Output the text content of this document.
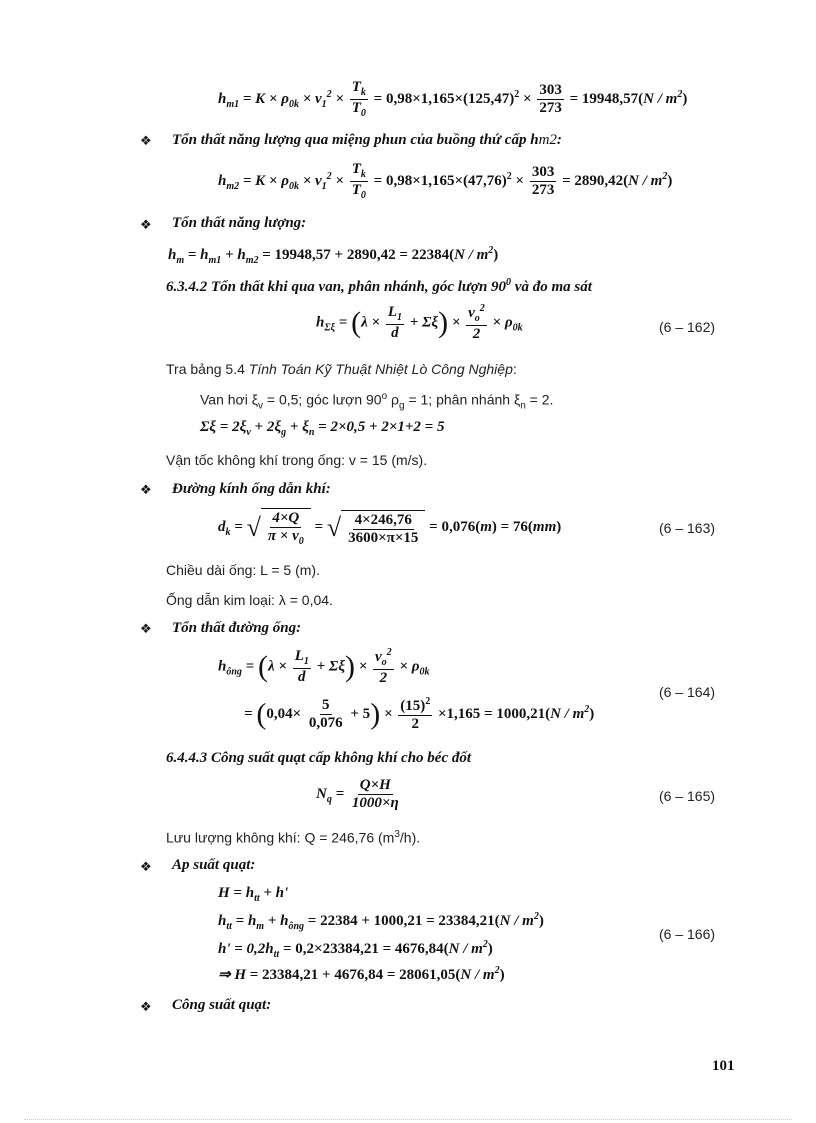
$h_{m1} = K \times \rho_{0k} \times v_1^2 \times \frac{T_k}{T_0} = 0,98\times 1,165\times(125,47)^2 \times \frac{303}{273} = 19948,57(N / m^2)$
❖ Tổn thất năng lượng qua miệng phun của buồng thứ cấp hm2:
$h_{m2} = K \times \rho_{0k} \times v_1^2 \times \frac{T_k}{T_0} = 0,98\times 1,165\times(47,76)^2 \times \frac{303}{273} = 2890,42(N / m^2)$
❖ Tổn thất năng lượng:
$h_m = h_{m1} + h_{m2} = 19948,57 + 2890,42 = 22384(N / m^2)$
6.3.4.2 Tổn thất khi qua van, phân nhánh, góc lượn $90^0$ và đo ma sát
$h_{\Sigma\xi} = (\lambda \times \frac{L_1}{d} + \Sigma\xi) \times \frac{v_o^2}{2} \times \rho_{0k}$	(6 – 162)
Tra bảng 5.4 Tính Toán Kỹ Thuật Nhiệt Lò Công Nghiệp:
Van hơi $\xi_v = 0,5$; góc lượn 90$^o$ $\rho_g = 1$; phân nhánh $\xi_n = 2$.
$\Sigma\xi = 2\xi_v + 2\xi_g + \xi_n = 2\times 0,5 + 2\times 1+2 = 5$
Vận tốc không khí trong ống: v = 15 (m/s).
❖ Đường kính ống dẫn khí:
$d_k$ = √ $\frac{4\times Q}{\pi \times v_0}$ = √ $\frac{4\times 246,76}{3600\times\pi\times 15} = 0,076(m) = 76(mm)$	(6 – 163)
Chiều dài ống: L = 5 (m).
Ống dẫn kim loại: λ = 0,04.
❖ Tổn thất đường ống:
$h_{ông} = (\lambda \times \frac{L_1}{d} + \Sigma\xi) \times \frac{v_o^2}{2} \times \rho_{0k}$
= $(0,04\times \frac{5}{0,076} + 5) \times \frac{(15)^2}{2} \times 1,165 = 1000,21(N / m^2)$
(6 – 164)
6.4.4.3 Công suất quạt cấp không khí cho béc đốt
$N_q = \frac{Q\times H}{1000\times\eta}$	(6 – 165)
Lưu lượng không khí: Q = 246,76 $(m^3/h)$.
❖ Ap suất quạt:
$H = h_{tt} + h'$
$h_{tt} = h_m + h_{ông} = 22384 + 1000,21 = 23384,21(N / m^2)$
$h' = 0,2h_{tt} = 0,2\times 23384,21 = 4676,84(N / m^2)$
⇒ $H = 23384,21 + 4676,84 = 28061,05(N / m^2)$
(6 – 166)
❖ Công suất quạt:
101
